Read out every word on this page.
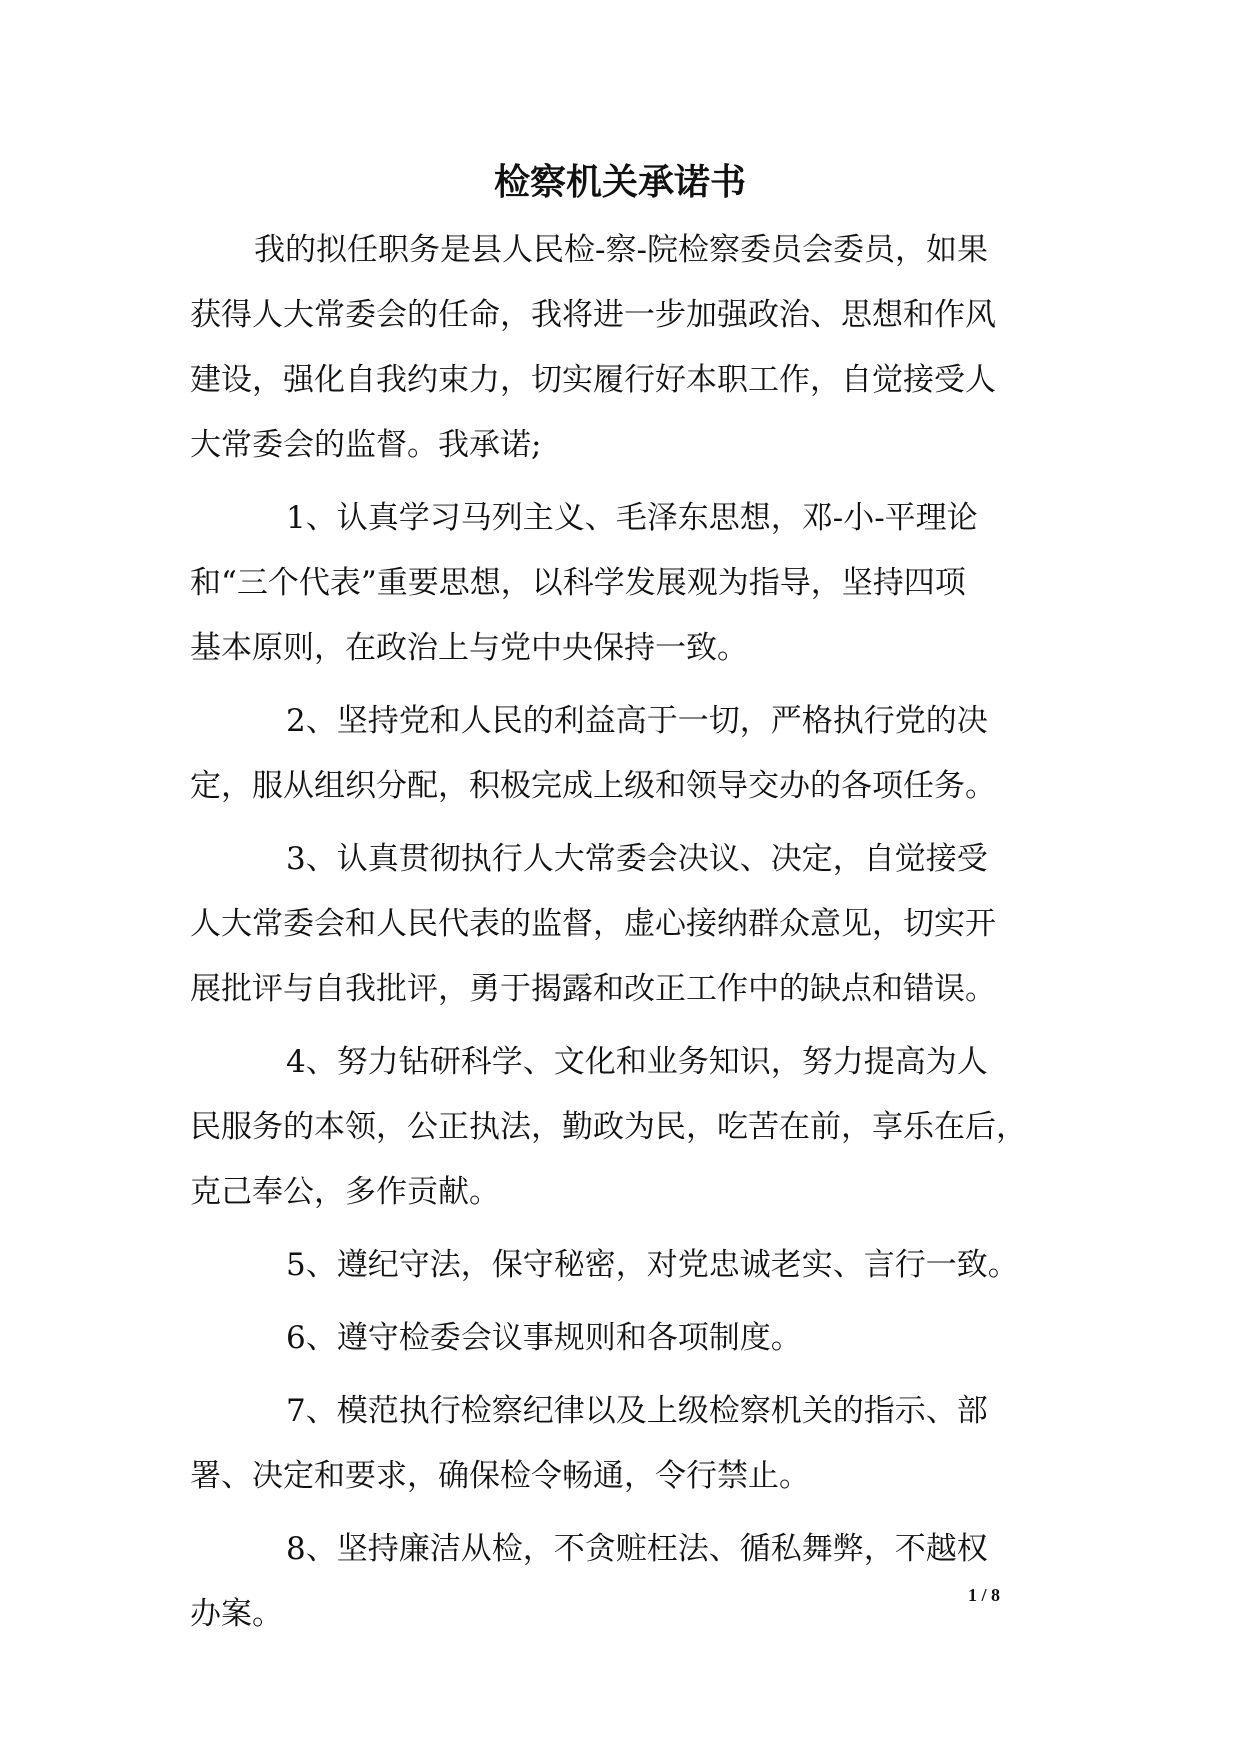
检察机关承诺书

我的拟任职务是县人民检-察-院检察委员会委员，如果
获得人大常委会的任命，我将进一步加强政治、思想和作风
建设，强化自我约束力，切实履行好本职工作，自觉接受人
大常委会的监督。我承诺;

1、认真学习马列主义、毛泽东思想，邓-小-平理论
和“三个代表”重要思想，以科学发展观为指导，坚持四项
基本原则，在政治上与党中央保持一致。

2、坚持党和人民的利益高于一切，严格执行党的决
定，服从组织分配，积极完成上级和领导交办的各项任务。

3、认真贯彻执行人大常委会决议、决定，自觉接受
人大常委会和人民代表的监督，虚心接纳群众意见，切实开
展批评与自我批评，勇于揭露和改正工作中的缺点和错误。

4、努力钻研科学、文化和业务知识，努力提高为人
民服务的本领，公正执法，勤政为民，吃苦在前，享乐在后，
克己奉公，多作贡献。

5、遵纪守法，保守秘密，对党忠诚老实、言行一致。

6、遵守检委会议事规则和各项制度。

7、模范执行检察纪律以及上级检察机关的指示、部
署、决定和要求，确保检令畅通，令行禁止。

8、坚持廉洁从检，不贪赃枉法、循私舞弊，不越权
办案。

1 / 8
